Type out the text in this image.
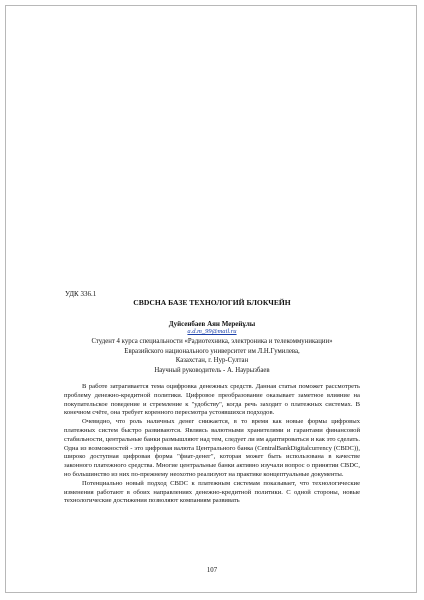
УДК 336.1
CBDCНА БАЗЕ ТЕХНОЛОГИЙ БЛОКЧЕЙН
Дуйсенбаев Аян Мерейұлы
a.d.m_99@mail.ru
Студент 4 курса специальности «Радиотехника, электроника и телекоммуникации»
Евразийского национального университет им Л.Н.Гумилева,
Казахстан, г. Нур-Султан
Научный руководитель - А. Наурызбаев

В работе затрагивается тема оцифровка денежных средств. Данная статья поможет рассмотреть проблему денежно-кредитной политики. Цифровое преобразование оказывает заметное влияние на покупательское поведение и стремление к "удобству", когда речь заходит о платежных системах. В конечном счёте, она требует коренного пересмотра устоявшихся подходов.

Очевидно, что роль наличных денег снижается, в то время как новые формы цифровых платежных систем быстро развиваются. Являясь валютными хранителями и гарантами финансовой стабильности, центральные банки размышляют над тем, следует ли им адаптироваться и как это сделать. Одна из возможностей - это цифровая валюта Центрального банка (CentralBankDigitalcurrency (CBDC)), широко доступная цифровая форма "фиат-денег", которая может быть использована в качестве законного платежного средства. Многие центральные банки активно изучали вопрос о принятии CBDC, но большинство из них по-прежнему неохотно реализуют на практике концептуальные документы.

Потенциально новый подход CBDC к платежным системам показывает, что технологические изменения работают в обоих направлениях денежно-кредитной политики. С одной стороны, новые технологические достижения позволяют компаниям развивать

107
